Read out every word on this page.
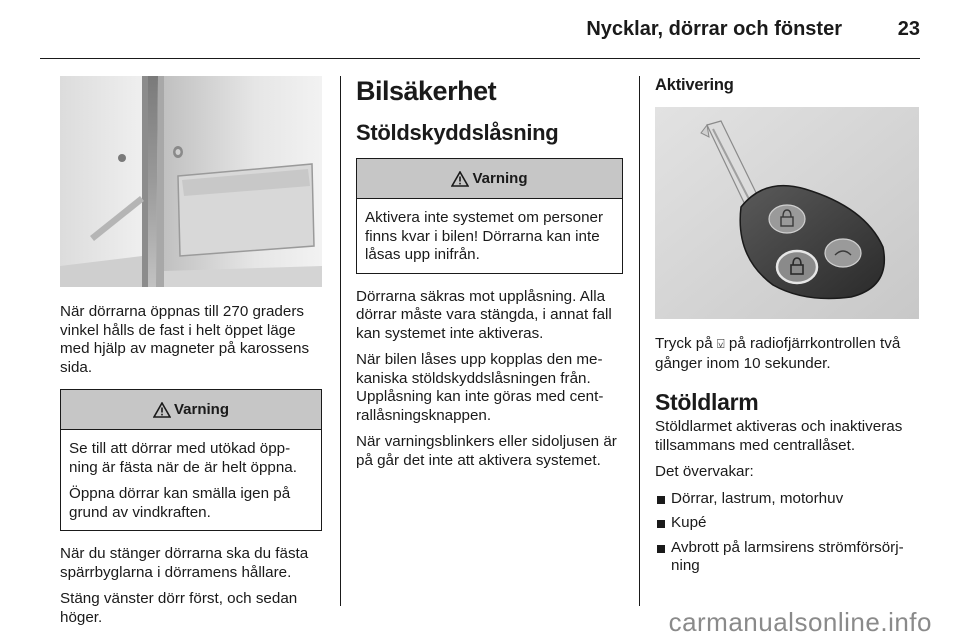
Nycklar, dörrar och fönster	23

När dörrarna öppnas till 270 graders vinkel hålls de fast i helt öppet läge med hjälp av magneter på karossens sida.

Varning

Se till att dörrar med utökad öppning är fästa när de är helt öppna.

Öppna dörrar kan smälla igen på grund av vindkraften.

När du stänger dörrarna ska du fästa spärrbyglarna i dörramens hållare.

Stäng vänster dörr först, och sedan höger.

Bilsäkerhet
Stöldskyddslåsning
Varning

Aktivera inte systemet om personer finns kvar i bilen! Dörrarna kan inte låsas upp inifrån.

Dörrarna säkras mot upplåsning. Alla dörrar måste vara stängda, i annat fall kan systemet inte aktiveras.

När bilen låses upp kopplas den mekaniska stöldskyddslåsningen från. Upplåsning kan inte göras med centrallåsningsknappen.

När varningsblinkers eller sidoljusen är på går det inte att aktivera systemet.

Aktivering

Tryck på ⍌ på radiofjärrkontrollen två gånger inom 10 sekunder.

Stöldlarm

Stöldlarmet aktiveras och inaktiveras tillsammans med centrallåset.

Det övervakar:

Dörrar, lastrum, motorhuv
Kupé
Avbrott på larmsirens strömförsörjning
carmanualsonline.info
